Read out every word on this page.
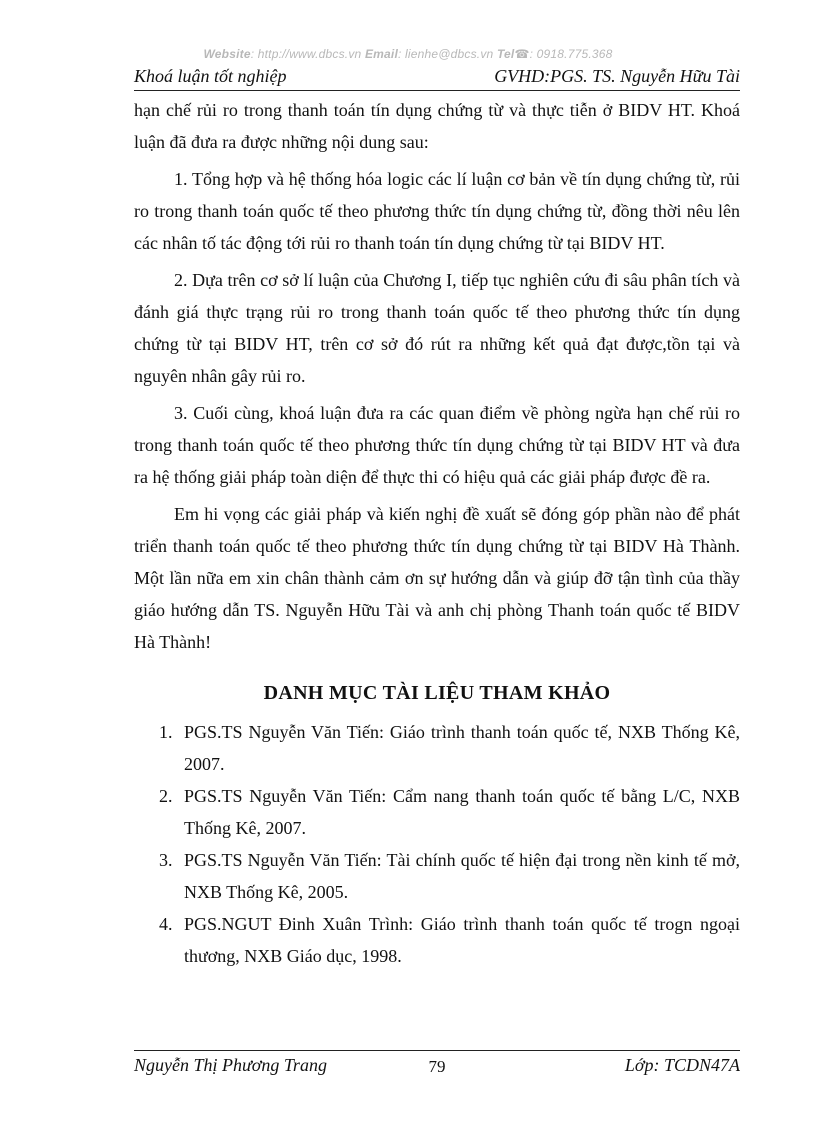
Website: http://www.dbcs.vn Email: lienhe@dbcs.vn Tel☎: 0918.775.368
Khoá luận tốt nghiệp	GVHD:PGS. TS. Nguyễn Hữu Tài

hạn chế rủi ro trong thanh toán tín dụng chứng từ và thực tiễn ở BIDV HT. Khoá luận đã đưa ra được những nội dung sau:

1. Tổng hợp và hệ thống hóa logic các lí luận cơ bản về tín dụng chứng từ, rủi ro trong thanh toán quốc tế theo phương thức tín dụng chứng từ, đồng thời nêu lên các nhân tố tác động tới rủi ro thanh toán tín dụng chứng từ tại BIDV HT.

2. Dựa trên cơ sở lí luận của Chương I, tiếp tục nghiên cứu đi sâu phân tích và đánh giá thực trạng rủi ro trong thanh toán quốc tế theo phương thức tín dụng chứng từ tại BIDV HT, trên cơ sở đó rút ra những kết quả đạt được,tồn tại và nguyên nhân gây rủi ro.

3. Cuối cùng, khoá luận đưa ra các quan điểm về phòng ngừa hạn chế rủi ro trong thanh toán quốc tế theo phương thức tín dụng chứng từ tại BIDV HT và đưa ra hệ thống giải pháp toàn diện để thực thi có hiệu quả các giải pháp được đề ra.

Em hi vọng các giải pháp và kiến nghị đề xuất sẽ đóng góp phần nào để phát triển thanh toán quốc tế theo phương thức tín dụng chứng từ tại BIDV Hà Thành. Một lần nữa em xin chân thành cảm ơn sự hướng dẫn và giúp đỡ tận tình của thầy giáo hướng dẫn TS. Nguyễn Hữu Tài và anh chị phòng Thanh toán quốc tế BIDV Hà Thành!

DANH MỤC TÀI LIỆU THAM KHẢO
1. PGS.TS Nguyễn Văn Tiến: Giáo trình thanh toán quốc tế, NXB Thống Kê, 2007.
2. PGS.TS Nguyễn Văn Tiến: Cẩm nang thanh toán quốc tế bằng L/C, NXB Thống Kê, 2007.
3. PGS.TS Nguyễn Văn Tiến: Tài chính quốc tế hiện đại trong nền kinh tế mở, NXB Thống Kê, 2005.
4. PGS.NGUT Đinh Xuân Trình: Giáo trình thanh toán quốc tế trogn ngoại thương, NXB Giáo dục, 1998.
Nguyễn Thị Phương Trang	79	Lớp: TCDN47A
